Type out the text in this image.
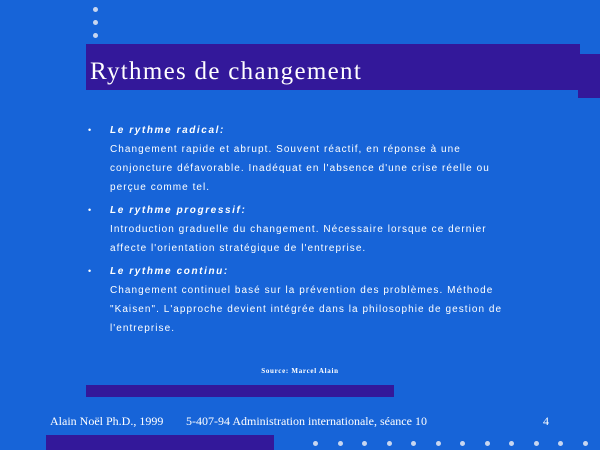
Rythmes de changement
• Le rythme radical:
Changement rapide et abrupt. Souvent réactif, en réponse à une conjoncture défavorable. Inadéquat en l'absence d'une crise réelle ou perçue comme tel.
• Le rythme progressif:
Introduction graduelle du changement. Nécessaire lorsque ce dernier affecte l'orientation stratégique de l'entreprise.
• Le rythme continu:
Changement continuel basé sur la prévention des problèmes. Méthode "Kaisen". L'approche devient intégrée dans la philosophie de gestion de l'entreprise.
Source: Marcel Alain
Alain Noël Ph.D., 1999 5-407-94 Administration internationale, séance 10	4
